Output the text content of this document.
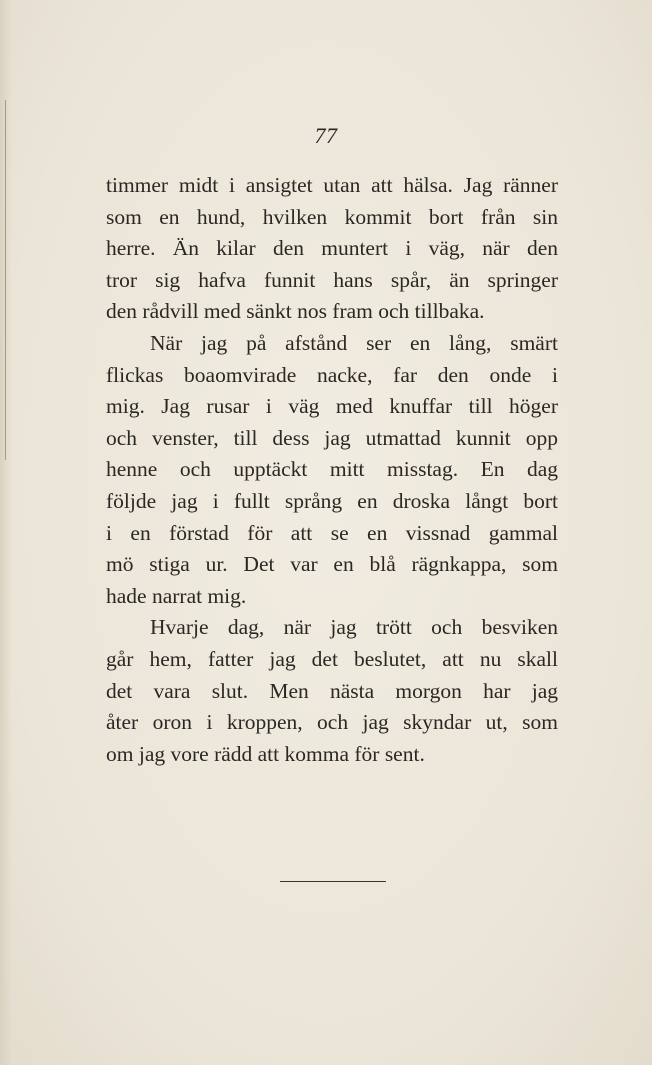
77
timmer midt i ansigtet utan att hälsa. Jag ränner
som en hund, hvilken kommit bort från sin
herre. Än kilar den muntert i väg, när den
tror sig hafva funnit hans spår, än springer
den rådvill med sänkt nos fram och tillbaka.
När jag på afstånd ser en lång, smärt
flickas boaomvirade nacke, far den onde i
mig. Jag rusar i väg med knuffar till höger
och venster, till dess jag utmattad kunnit opp
henne och upptäckt mitt misstag. En dag
följde jag i fullt språng en droska långt bort
i en förstad för att se en vissnad gammal
mö stiga ur. Det var en blå rägnkappa, som
hade narrat mig.
Hvarje dag, när jag trött och besviken
går hem, fatter jag det beslutet, att nu skall
det vara slut. Men nästa morgon har jag
åter oron i kroppen, och jag skyndar ut, som
om jag vore rädd att komma för sent.
